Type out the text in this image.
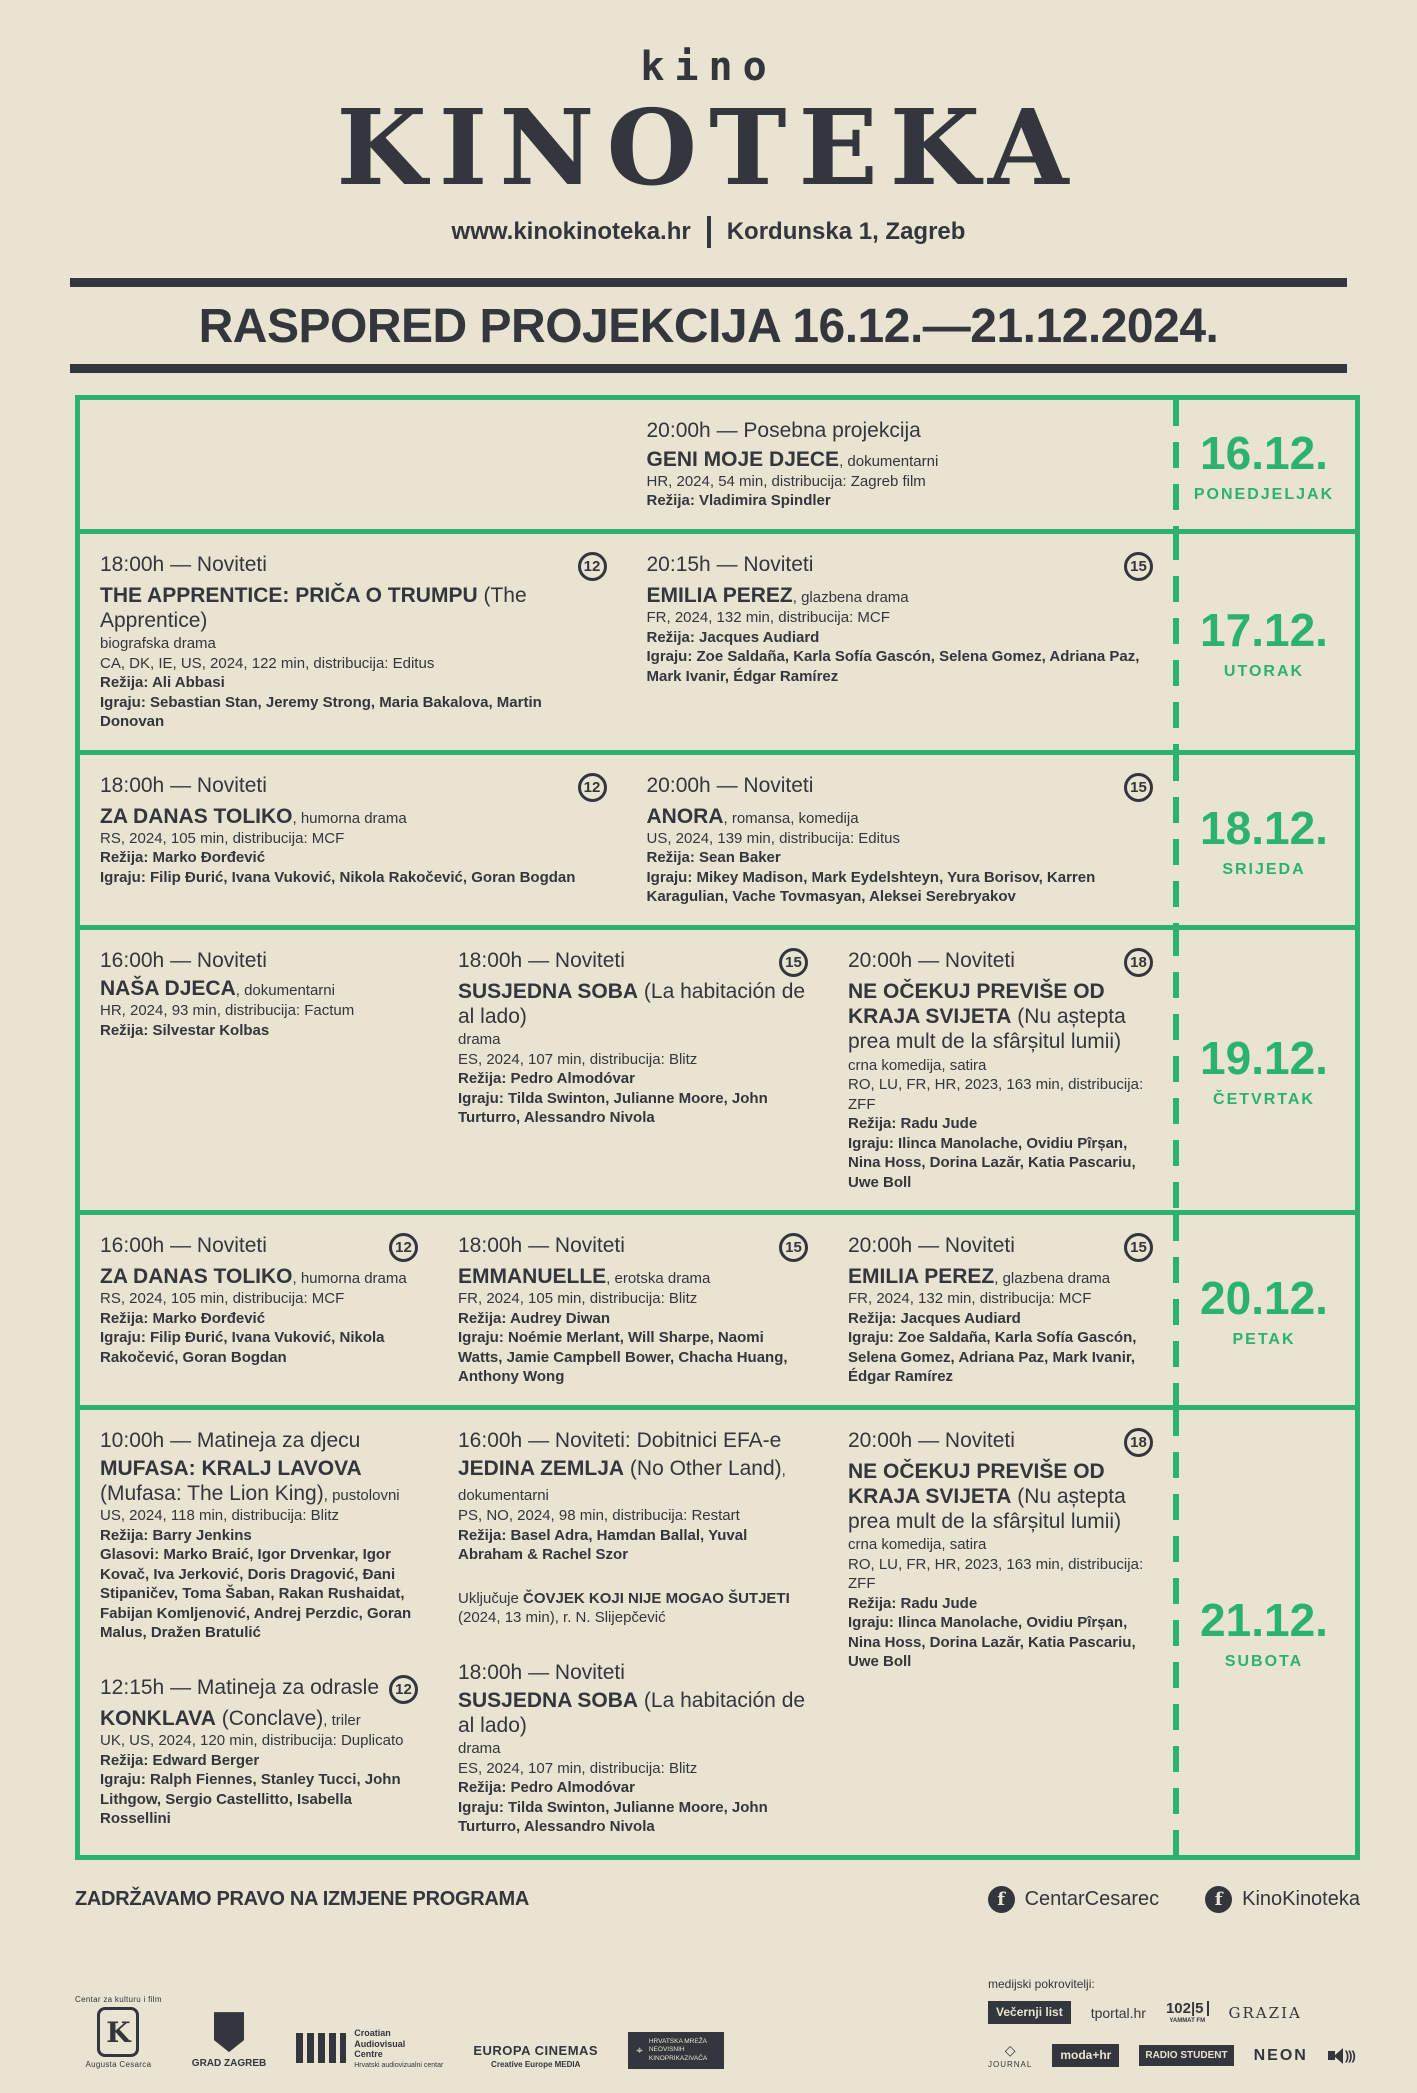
kino
KINOTEKA
www.kinokinoteka.hr Kordunska 1, Zagreb
RASPORED PROJEKCIJA 16.12.—21.12.2024.
20:00h — Posebna projekcija
GENI MOJE DJECE, dokumentarni
HR, 2024, 54 min, distribucija: Zagreb film
Režija: Vladimira Spindler
16.12.
PONEDJELJAK
18:00h — Noviteti	12
THE APPRENTICE: PRIČA O TRUMPU (The Apprentice)
biografska drama
CA, DK, IE, US, 2024, 122 min, distribucija: Editus
Režija: Ali Abbasi
Igraju: Sebastian Stan, Jeremy Strong, Maria Bakalova, Martin Donovan
20:15h — Noviteti	15
EMILIA PEREZ, glazbena drama
FR, 2024, 132 min, distribucija: MCF
Režija: Jacques Audiard
Igraju: Zoe Saldaña, Karla Sofía Gascón, Selena Gomez, Adriana Paz, Mark Ivanir, Édgar Ramírez
17.12.
UTORAK
18:00h — Noviteti	12
ZA DANAS TOLIKO, humorna drama
RS, 2024, 105 min, distribucija: MCF
Režija: Marko Đorđević
Igraju: Filip Đurić, Ivana Vuković, Nikola Rakočević, Goran Bogdan
20:00h — Noviteti	15
ANORA, romansa, komedija
US, 2024, 139 min, distribucija: Editus
Režija: Sean Baker
Igraju: Mikey Madison, Mark Eydelshteyn, Yura Borisov, Karren Karagulian, Vache Tovmasyan, Aleksei Serebryakov
18.12.
SRIJEDA
16:00h — Noviteti
NAŠA DJECA, dokumentarni
HR, 2024, 93 min, distribucija: Factum
Režija: Silvestar Kolbas
18:00h — Noviteti	15
SUSJEDNA SOBA (La habitación de al lado)
drama
ES, 2024, 107 min, distribucija: Blitz
Režija: Pedro Almodóvar
Igraju: Tilda Swinton, Julianne Moore, John Turturro, Alessandro Nivola
20:00h — Noviteti	18
NE OČEKUJ PREVIŠE OD KRAJA SVIJETA (Nu aștepta prea mult de la sfârșitul lumii)
crna komedija, satira
RO, LU, FR, HR, 2023, 163 min, distribucija: ZFF
Režija: Radu Jude
Igraju: Ilinca Manolache, Ovidiu Pîrșan, Nina Hoss, Dorina Lazăr, Katia Pascariu, Uwe Boll
19.12.
ČETVRTAK
16:00h — Noviteti	12
ZA DANAS TOLIKO, humorna drama
RS, 2024, 105 min, distribucija: MCF
Režija: Marko Đorđević
Igraju: Filip Đurić, Ivana Vuković, Nikola Rakočević, Goran Bogdan
18:00h — Noviteti	15
EMMANUELLE, erotska drama
FR, 2024, 105 min, distribucija: Blitz
Režija: Audrey Diwan
Igraju: Noémie Merlant, Will Sharpe, Naomi Watts, Jamie Campbell Bower, Chacha Huang, Anthony Wong
20:00h — Noviteti	15
EMILIA PEREZ, glazbena drama
FR, 2024, 132 min, distribucija: MCF
Režija: Jacques Audiard
Igraju: Zoe Saldaña, Karla Sofía Gascón, Selena Gomez, Adriana Paz, Mark Ivanir, Édgar Ramírez
20.12.
PETAK
10:00h — Matineja za djecu
MUFASA: KRALJ LAVOVA (Mufasa: The Lion King), pustolovni
US, 2024, 118 min, distribucija: Blitz
Režija: Barry Jenkins
Glasovi: Marko Braić, Igor Drvenkar, Igor Kovač, Iva Jerković, Doris Dragović, Đani Stipaničev, Toma Šaban, Rakan Rushaidat, Fabijan Komljenović, Andrej Perzdic, Goran Malus, Dražen Bratulić
12:15h — Matineja za odrasle	12
KONKLAVA (Conclave), triler
UK, US, 2024, 120 min, distribucija: Duplicato
Režija: Edward Berger
Igraju: Ralph Fiennes, Stanley Tucci, John Lithgow, Sergio Castellitto, Isabella Rossellini
16:00h — Noviteti: Dobitnici EFA-e
JEDINA ZEMLJA (No Other Land), dokumentarni
PS, NO, 2024, 98 min, distribucija: Restart
Režija: Basel Adra, Hamdan Ballal, Yuval Abraham & Rachel Szor
Uključuje ČOVJEK KOJI NIJE MOGAO ŠUTJETI (2024, 13 min), r. N. Slijepčević
18:00h — Noviteti
SUSJEDNA SOBA (La habitación de al lado)
drama
ES, 2024, 107 min, distribucija: Blitz
Režija: Pedro Almodóvar
Igraju: Tilda Swinton, Julianne Moore, John Turturro, Alessandro Nivola
20:00h — Noviteti	18
NE OČEKUJ PREVIŠE OD KRAJA SVIJETA (Nu aștepta prea mult de la sfârșitul lumii)
crna komedija, satira
RO, LU, FR, HR, 2023, 163 min, distribucija: ZFF
Režija: Radu Jude
Igraju: Ilinca Manolache, Ovidiu Pîrșan, Nina Hoss, Dorina Lazăr, Katia Pascariu, Uwe Boll
21.12.
SUBOTA
ZADRŽAVAMO PRAVO NA IZMJENE PROGRAMA	f CentarCesarec	f KinoKinoteka
Centar za kulturu i film
K
Augusta Cesarca	GRAD ZAGREB
Croatian Audiovisual Centre
Hrvatski audiovizualni centar
EUROPA CINEMAS
Creative Europe MEDIA
⌖
HRVATSKA MREŽA NEOVISNIH KINOPRIKAZIVAČA
medijski pokrovitelji:
Večernji list	tportal.hr 102|5
YAMMAT FM GRAZIA
◇
JOURNAL
moda+hr	RADIO STUDENT	NEON	)))
